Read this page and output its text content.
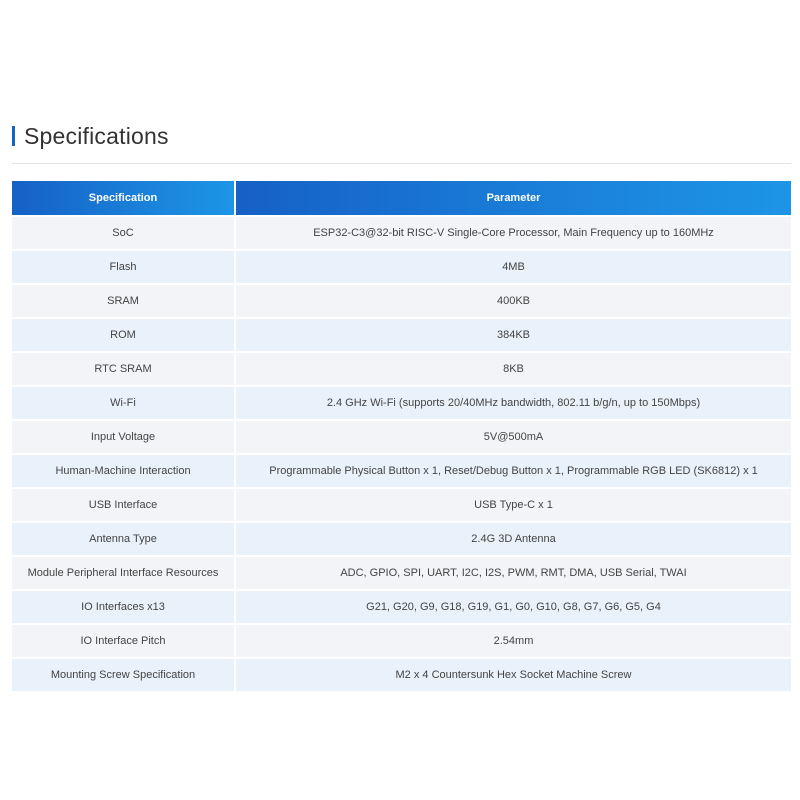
Specifications
Specification	Parameter
SoC	ESP32-C3@32-bit RISC-V Single-Core Processor, Main Frequency up to 160MHz
Flash	4MB
SRAM	400KB
ROM	384KB
RTC SRAM	8KB
Wi-Fi	2.4 GHz Wi-Fi (supports 20/40MHz bandwidth, 802.11 b/g/n, up to 150Mbps)
Input Voltage	5V@500mA
Human-Machine Interaction	Programmable Physical Button x 1, Reset/Debug Button x 1, Programmable RGB LED (SK6812) x 1
USB Interface	USB Type-C x 1
Antenna Type	2.4G 3D Antenna
Module Peripheral Interface Resources	ADC, GPIO, SPI, UART, I2C, I2S, PWM, RMT, DMA, USB Serial, TWAI
IO Interfaces x13	G21, G20, G9, G18, G19, G1, G0, G10, G8, G7, G6, G5, G4
IO Interface Pitch	2.54mm
Mounting Screw Specification	M2 x 4 Countersunk Hex Socket Machine Screw
